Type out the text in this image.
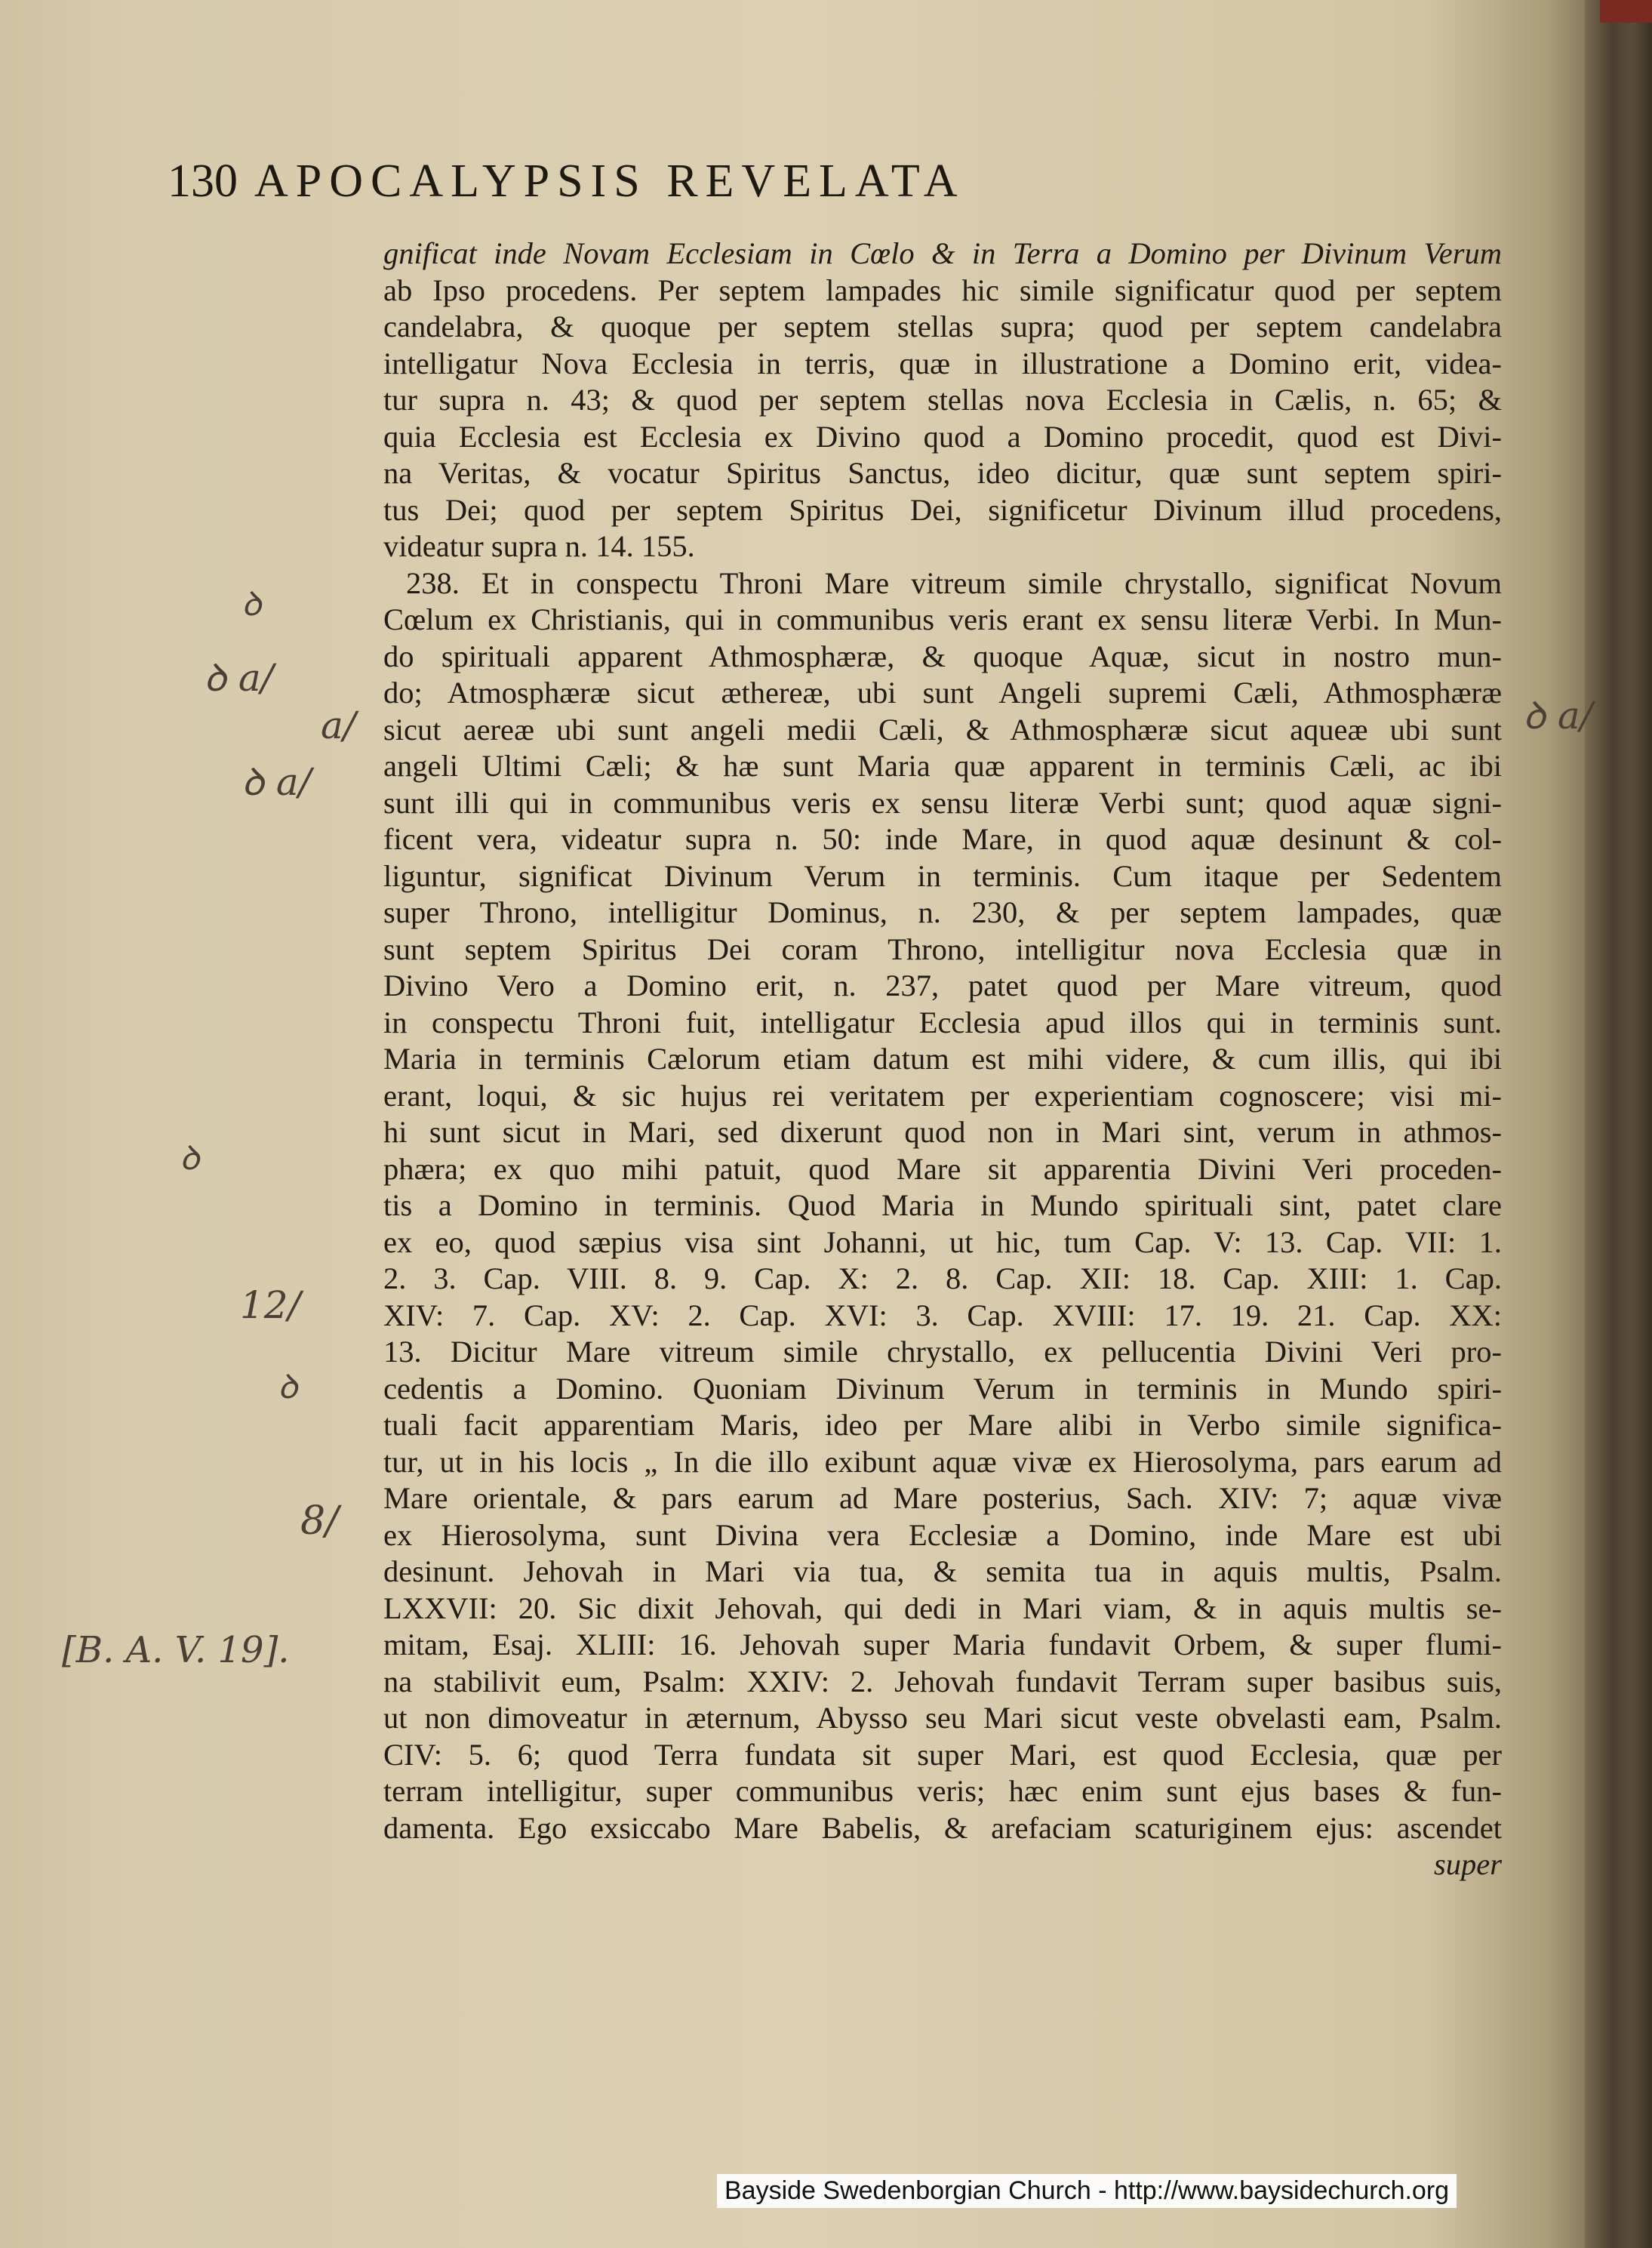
130 APOCALYPSIS REVELATA
gnificat inde Novam Ecclesiam in Cœlo & in Terra a Domino per Divinum Verum
ab Ipso procedens. Per septem lampades hic simile significatur quod per septem
candelabra, & quoque per septem stellas supra; quod per septem candelabra
intelligatur Nova Ecclesia in terris, quæ in illustratione a Domino erit, videa-
tur supra n. 43; & quod per septem stellas nova Ecclesia in Cælis, n. 65; &
quia Ecclesia est Ecclesia ex Divino quod a Domino procedit, quod est Divi-
na Veritas, & vocatur Spiritus Sanctus, ideo dicitur, quæ sunt septem spiri-
tus Dei; quod per septem Spiritus Dei, significetur Divinum illud procedens,
videatur supra n. 14. 155.
238. Et in conspectu Throni Mare vitreum simile chrystallo, significat Novum
Cœlum ex Christianis, qui in communibus veris erant ex sensu literæ Verbi. In Mun-
do spirituali apparent Athmosphæræ, & quoque Aquæ, sicut in nostro mun-
do; Atmosphæræ sicut æthereæ, ubi sunt Angeli supremi Cæli, Athmosphæræ
sicut aereæ ubi sunt angeli medii Cæli, & Athmosphæræ sicut aqueæ ubi sunt
angeli Ultimi Cæli; & hæ sunt Maria quæ apparent in terminis Cæli, ac ibi
sunt illi qui in communibus veris ex sensu literæ Verbi sunt; quod aquæ signi-
ficent vera, videatur supra n. 50: inde Mare, in quod aquæ desinunt & col-
liguntur, significat Divinum Verum in terminis. Cum itaque per Sedentem
super Throno, intelligitur Dominus, n. 230, & per septem lampades, quæ
sunt septem Spiritus Dei coram Throno, intelligitur nova Ecclesia quæ in
Divino Vero a Domino erit, n. 237, patet quod per Mare vitreum, quod
in conspectu Throni fuit, intelligatur Ecclesia apud illos qui in terminis sunt.
Maria in terminis Cælorum etiam datum est mihi videre, & cum illis, qui ibi
erant, loqui, & sic hujus rei veritatem per experientiam cognoscere; visi mi-
hi sunt sicut in Mari, sed dixerunt quod non in Mari sint, verum in athmos-
phæra; ex quo mihi patuit, quod Mare sit apparentia Divini Veri proceden-
tis a Domino in terminis. Quod Maria in Mundo spirituali sint, patet clare
ex eo, quod sæpius visa sint Johanni, ut hic, tum Cap. V: 13. Cap. VII: 1.
2. 3. Cap. VIII. 8. 9. Cap. X: 2. 8. Cap. XII: 18. Cap. XIII: 1. Cap.
XIV: 7. Cap. XV: 2. Cap. XVI: 3. Cap. XVIII: 17. 19. 21. Cap. XX:
13. Dicitur Mare vitreum simile chrystallo, ex pellucentia Divini Veri pro-
cedentis a Domino. Quoniam Divinum Verum in terminis in Mundo spiri-
tuali facit apparentiam Maris, ideo per Mare alibi in Verbo simile significa-
tur, ut in his locis „ In die illo exibunt aquæ vivæ ex Hierosolyma, pars earum ad
Mare orientale, & pars earum ad Mare posterius, Sach. XIV: 7; aquæ vivæ
ex Hierosolyma, sunt Divina vera Ecclesiæ a Domino, inde Mare est ubi
desinunt. Jehovah in Mari via tua, & semita tua in aquis multis, Psalm.
LXXVII: 20. Sic dixit Jehovah, qui dedi in Mari viam, & in aquis multis se-
mitam, Esaj. XLIII: 16. Jehovah super Maria fundavit Orbem, & super flumi-
na stabilivit eum, Psalm: XXIV: 2. Jehovah fundavit Terram super basibus suis,
ut non dimoveatur in æternum, Abysso seu Mari sicut veste obvelasti eam, Psalm.
CIV: 5. 6; quod Terra fundata sit super Mari, est quod Ecclesia, quæ per
terram intelligitur, super communibus veris; hæc enim sunt ejus bases & fun-
damenta. Ego exsiccabo Mare Babelis, & arefaciam scaturiginem ejus: ascendet
super
ꝺ
ꝺ a/
a/
ꝺ a/
ꝺ a/
ꝺ
12/
ꝺ
8/
[B. A. V. 19].
Bayside Swedenborgian Church - http://www.baysidechurch.org
